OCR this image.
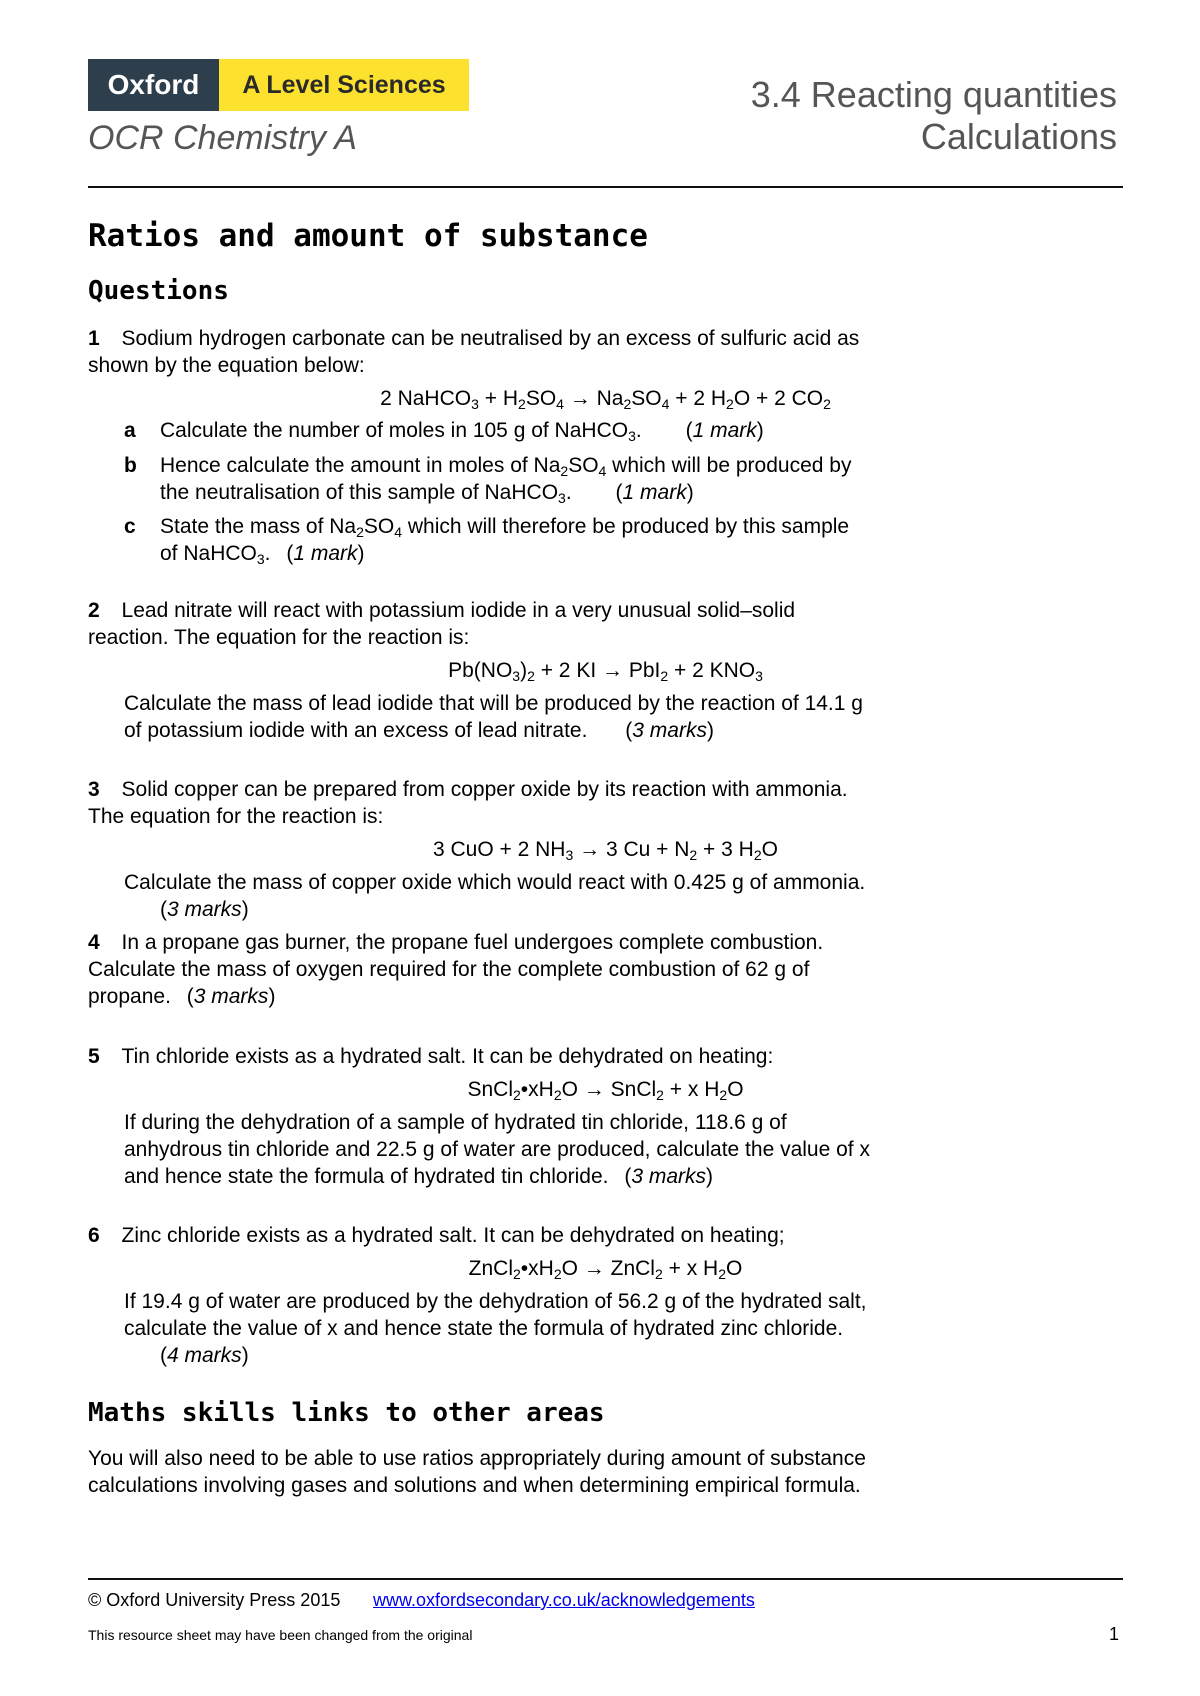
Oxford	A Level Sciences
OCR Chemistry A
3.4 Reacting quantities
Calculations
Ratios and amount of substance
Questions
1 Sodium hydrogen carbonate can be neutralised by an excess of sulfuric acid as
shown by the equation below:
2 NaHCO$_3$ + $H_2SO_4 \to Na_2SO_4 + 2$ $H_2O + 2$ $CO_2$
a Calculate the number of moles in 105 g of NaHCO$_3$. (1 mark)
b Hence calculate the amount in moles of $Na_2SO_4$ which will be produced by
the neutralisation of this sample of NaHCO$_3$. (1 mark)
c State the mass of $Na_2SO_4$ which will therefore be produced by this sample
of NaHCO$_3$. (1 mark)
2 Lead nitrate will react with potassium iodide in a very unusual solid–solid
reaction. The equation for the reaction is:
$Pb(NO_3)_2 + 2$ KI → PbI$_2$ + 2 $KNO_3$
Calculate the mass of lead iodide that will be produced by the reaction of 14.1 g
of potassium iodide with an excess of lead nitrate. (3 marks)
3 Solid copper can be prepared from copper oxide by its reaction with ammonia.
The equation for the reaction is:
3 CuO + 2 $NH_3 \to 3$ $Cu + N_2 + 3$ $H_2O$
Calculate the mass of copper oxide which would react with 0.425 g of ammonia.
(3 marks)
4 In a propane gas burner, the propane fuel undergoes complete combustion.
Calculate the mass of oxygen required for the complete combustion of 62 g of
propane. (3 marks)
5 Tin chloride exists as a hydrated salt. It can be dehydrated on heating:
$SnCl_2•xH_2O$ → SnCl$_2$ + x $H_2O$
If during the dehydration of a sample of hydrated tin chloride, 118.6 g of
anhydrous tin chloride and 22.5 g of water are produced, calculate the value of x
and hence state the formula of hydrated tin chloride. (3 marks)
6 Zinc chloride exists as a hydrated salt. It can be dehydrated on heating;
$ZnCl_2•xH_2O$ → ZnCl$_2$ + x $H_2O$
If 19.4 g of water are produced by the dehydration of 56.2 g of the hydrated salt,
calculate the value of x and hence state the formula of hydrated zinc chloride.
(4 marks)
Maths skills links to other areas
You will also need to be able to use ratios appropriately during amount of substance
calculations involving gases and solutions and when determining empirical formula.
© Oxford University Press 2015 www.oxfordsecondary.co.uk/acknowledgements
This resource sheet may have been changed from the original	1
